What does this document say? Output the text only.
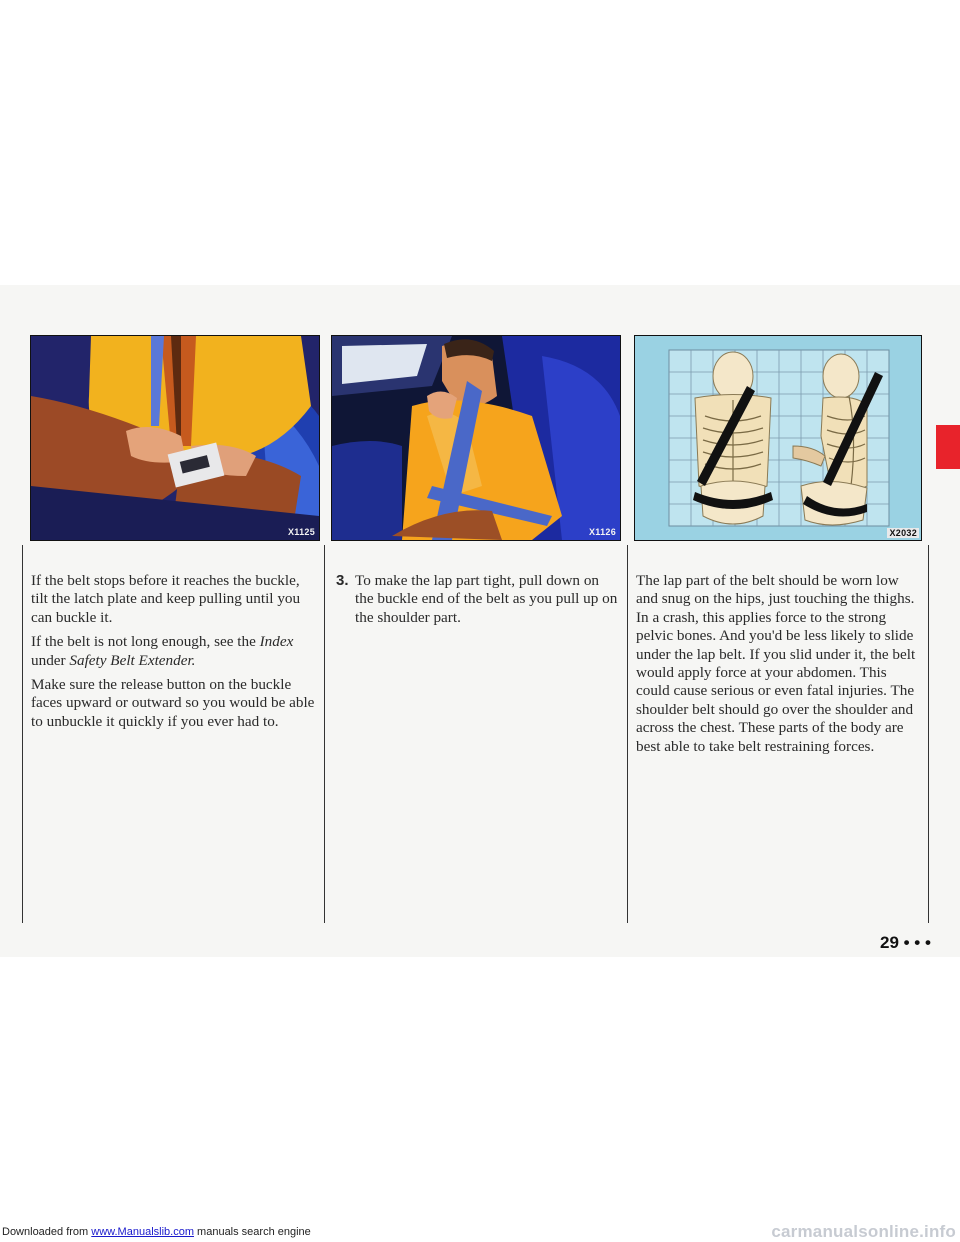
X1125	X1126	X2032

If the belt stops before it reaches the buckle, tilt the latch plate and keep pulling until you can buckle it.

If the belt is not long enough, see the Index under Safety Belt Extender.

Make sure the release button on the buckle faces upward or outward so you would be able to unbuckle it quickly if you ever had to.

3. To make the lap part tight, pull down on the buckle end of the belt as you pull up on the shoulder part.

The lap part of the belt should be worn low and snug on the hips, just touching the thighs. In a crash, this applies force to the strong pelvic bones. And you'd be less likely to slide under the lap belt. If you slid under it, the belt would apply force at your abdomen. This could cause serious or even fatal injuries. The shoulder belt should go over the shoulder and across the chest. These parts of the body are best able to take belt restraining forces.

29 • • •
Downloaded from www.Manualslib.com manuals search engine	carmanualsonline.info
